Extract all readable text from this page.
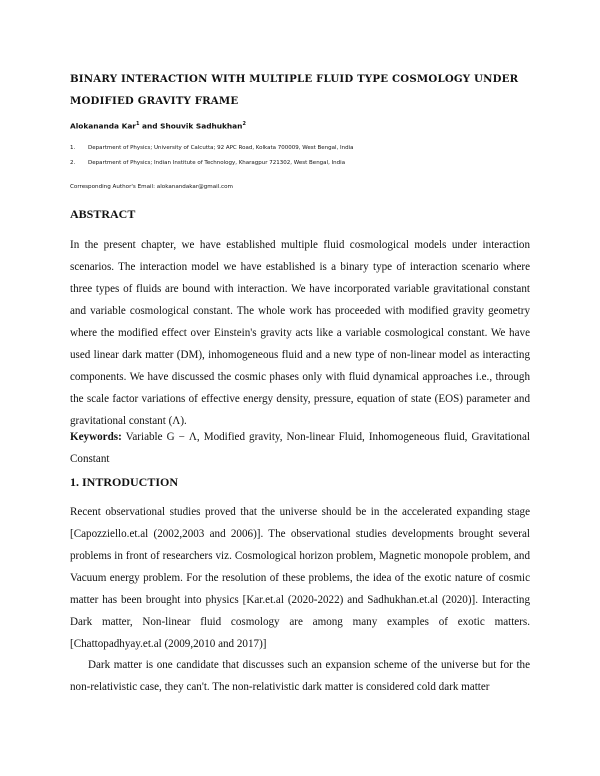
BINARY INTERACTION WITH MULTIPLE FLUID TYPE COSMOLOGY UNDER MODIFIED GRAVITY FRAME

Alokananda Kar$^1$ and Shouvik Sadhukhan$^2$

1. Department of Physics; University of Calcutta; 92 APC Road, Kolkata 700009, West Bengal, India

2. Department of Physics; Indian Institute of Technology, Kharagpur 721302, West Bengal, India

Corresponding Author's Email: alokanandakar@gmail.com

ABSTRACT

In the present chapter, we have established multiple fluid cosmological models under interaction scenarios. The interaction model we have established is a binary type of interaction scenario where three types of fluids are bound with interaction. We have incorporated variable gravitational constant and variable cosmological constant. The whole work has proceeded with modified gravity geometry where the modified effect over Einstein's gravity acts like a variable cosmological constant. We have used linear dark matter (DM), inhomogeneous fluid and a new type of non-linear model as interacting components. We have discussed the cosmic phases only with fluid dynamical approaches i.e., through the scale factor variations of effective energy density, pressure, equation of state (EOS) parameter and gravitational constant (Λ).

Keywords: Variable G − Λ, Modified gravity, Non-linear Fluid, Inhomogeneous fluid, Gravitational Constant

1. INTRODUCTION

Recent observational studies proved that the universe should be in the accelerated expanding stage [Capozziello.et.al (2002,2003 and 2006)]. The observational studies developments brought several problems in front of researchers viz. Cosmological horizon problem, Magnetic monopole problem, and Vacuum energy problem. For the resolution of these problems, the idea of the exotic nature of cosmic matter has been brought into physics [Kar.et.al (2020-2022) and Sadhukhan.et.al (2020)]. Interacting Dark matter, Non-linear fluid cosmology are among many examples of exotic matters. [Chattopadhyay.et.al (2009,2010 and 2017)]

Dark matter is one candidate that discusses such an expansion scheme of the universe but for the non-relativistic case, they can't. The non-relativistic dark matter is considered cold dark matter
